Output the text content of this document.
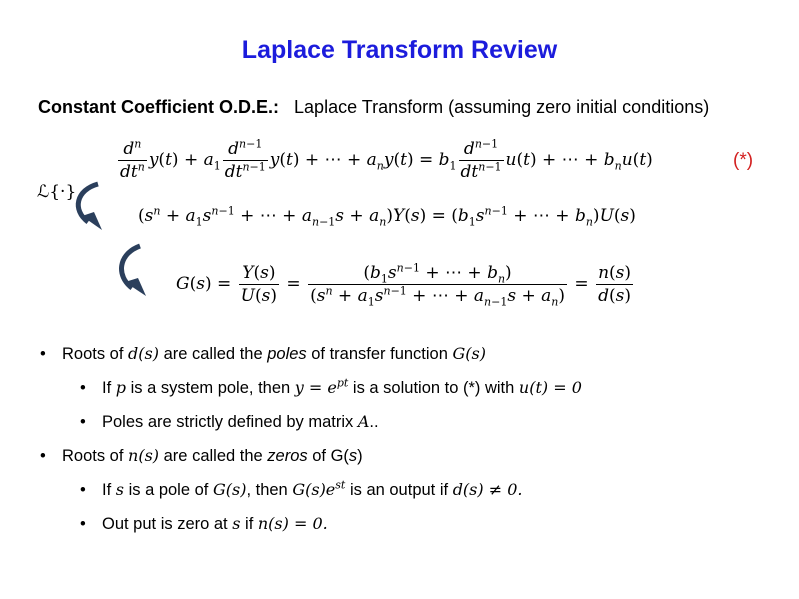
Laplace Transform Review
Constant Coefficient O.D.E.: Laplace Transform (assuming zero initial conditions)
$\frac{d^n}{dt^n} y(t) + a_1 \frac{d^{n-1}}{dt^{n-1}} y(t)$ + ⋯ + $a_ny(t) = b_1 \frac{d^{n-1}}{dt^{n-1}} u(t)$ + ⋯ + $b_nu(t)$	(*)
ℒ{·}
($s^n + a_1s^{n-1}$ + ⋯ + $a_{n-1}s + a_n)Y(s) = (b_1s^{n-1}$ + ⋯ + $b_n)U(s)$
$G(s) = \frac{Y(s)}{U(s)} = \frac{(b_1s^{n-1} + \cdots + b_n)}{(s^n + a_1s^{n-1} + \cdots + a_{n-1}s + a_n)} = \frac{n(s)}{d(s)}$
• Roots of d(s) are called the poles of transfer function G(s)
• If p is a system pole, then $y = e^{pt}$ is a solution to (*) with u(t) = 0
• Poles are strictly defined by matrix A..
• Roots of n(s) are called the zeros of G(s)
• If s is a pole of G(s), then $G(s)e^{st}$ is an output if d(s) ≠ 0.
• Out put is zero at s if n(s) = 0.
